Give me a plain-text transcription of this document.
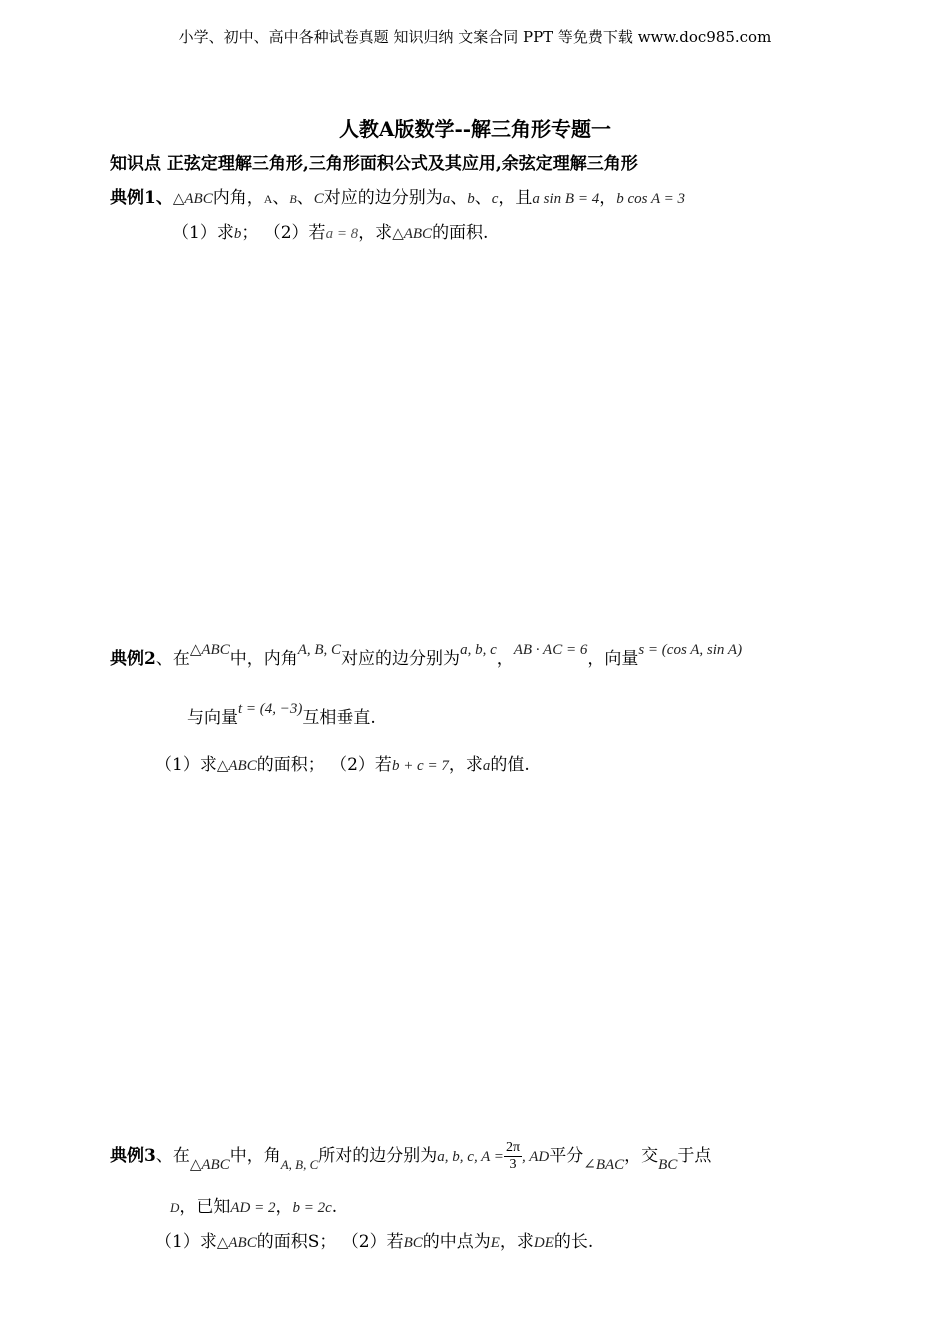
小学、初中、高中各种试卷真题 知识归纳 文案合同 PPT 等免费下载 www.doc985.com
人教A版数学--解三角形专题一
知识点 正弦定理解三角形,三角形面积公式及其应用,余弦定理解三角形
典例1、△ABC内角，A、B、C对应的边分别为a、b、c，且a sin B = 4，b cos A = 3
（1）求b； （2）若a = 8，求△ABC的面积.
典例2、在△ABC中，内角A, B, C对应的边分别为a, b, c，AB · AC = 6，向量s = (cos A, sin A)
与向量t = (4, −3)互相垂直.
（1）求△ABC的面积； （2）若b + c = 7，求a的值.
典例3、在△ABC中，角$_{A, B, C}$所对的边分别为a, b, c, $A = \frac{2\pi}{3}$ , AD平分∠BAC，交BC于点
D，已知AD = 2，b = 2c.
（1）求△ABC的面积S； （2）若BC的中点为E，求DE的长.
